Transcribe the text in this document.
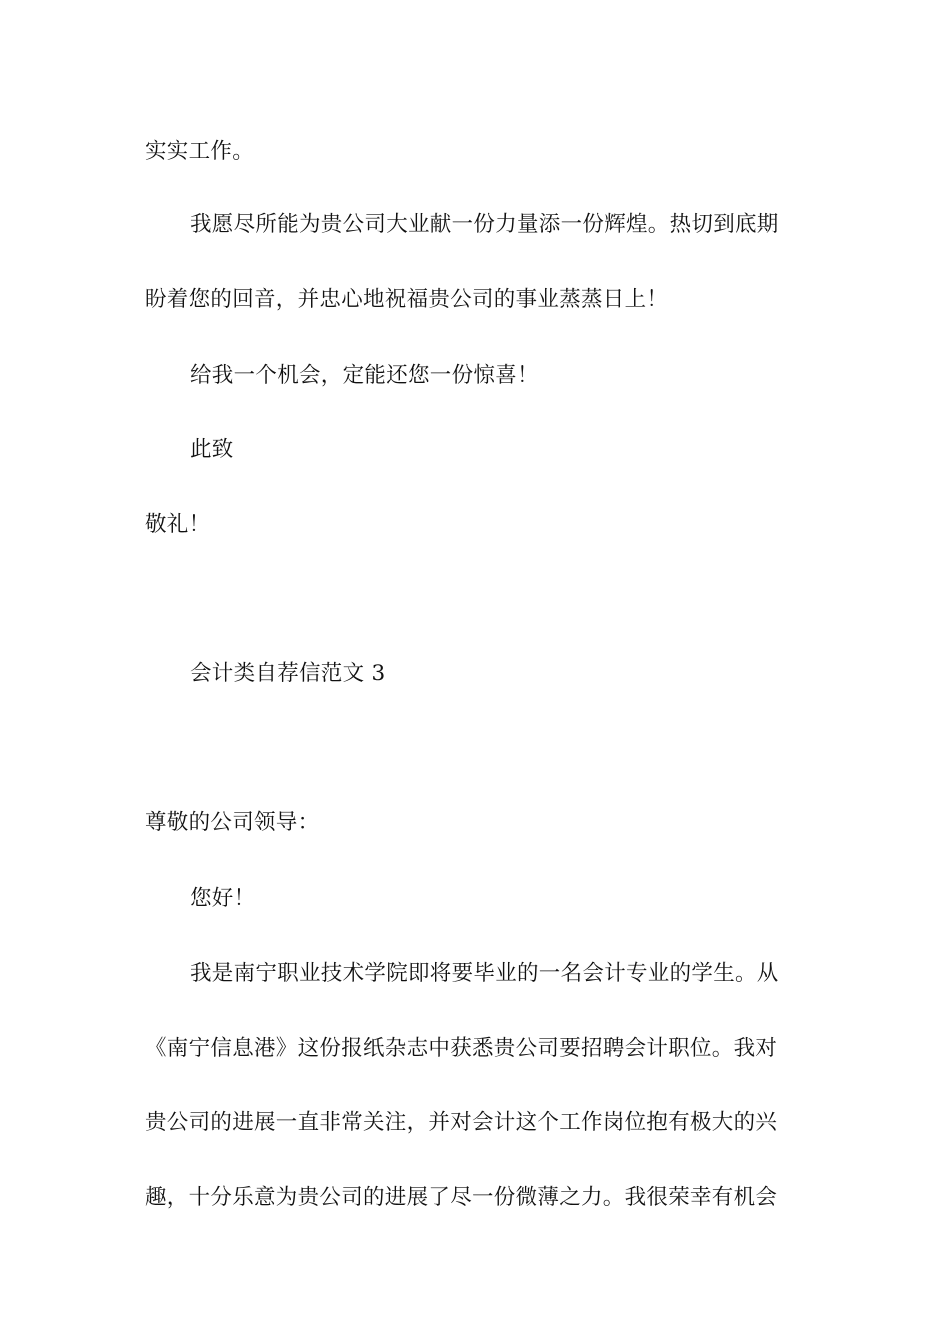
实实工作。
我愿尽所能为贵公司大业献一份力量添一份辉煌。热切到底期
盼着您的回音，并忠心地祝福贵公司的事业蒸蒸日上！
给我一个机会，定能还您一份惊喜！
此致
敬礼！
会计类自荐信范文 3
尊敬的公司领导：
您好！
我是南宁职业技术学院即将要毕业的一名会计专业的学生。从
《南宁信息港》这份报纸杂志中获悉贵公司要招聘会计职位。我对
贵公司的进展一直非常关注，并对会计这个工作岗位抱有极大的兴
趣，十分乐意为贵公司的进展了尽一份微薄之力。我很荣幸有机会
